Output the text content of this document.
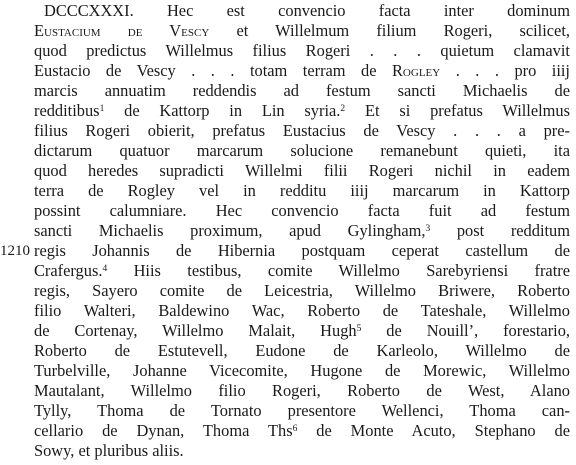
DCCCXXXI. Hec est convencio facta inter dominum
Eustacium de Vescy et Willelmum filium Rogeri, scilicet,
quod predictus Willelmus filius Rogeri . . . quietum clamavit
Eustacio de Vescy . . . totam terram de Rogley . . . pro iiij
marcis annuatim reddendis ad festum sancti Michaelis de
redditibus$^1$ de Kattorp in Lin syria.$^2$ Et si prefatus Willelmus
filius Rogeri obierit, prefatus Eustacius de Vescy . . . a pre-
dictarum quatuor marcarum solucione remanebunt quieti, ita
quod heredes supradicti Willelmi filii Rogeri nichil in eadem
terra de Rogley vel in redditu iiij marcarum in Kattorp
possint calumniare. Hec convencio facta fuit ad festum
sancti Michaelis proximum, apud Gylingham,$^3$ post redditum
1210 regis Johannis de Hibernia postquam ceperat castellum de
Crafergus.$^4$ Hiis testibus, comite Willelmo Sarebyriensi fratre
regis, Sayero comite de Leicestria, Willelmo Briwere, Roberto
filio Walteri, Baldewino Wac, Roberto de Tateshale, Willelmo
de Cortenay, Willelmo Malait, Hugh$^5$ de Nouill’, forestario,
Roberto de Estutevell, Eudone de Karleolo, Willelmo de
Turbelville, Johanne Vicecomite, Hugone de Morewic, Willelmo
Mautalant, Willelmo filio Rogeri, Roberto de West, Alano
Tylly, Thoma de Tornato presentore Wellenci, Thoma can-
cellario de Dynan, Thoma Ths$^6$ de Monte Acuto, Stephano de
Sowy, et pluribus aliis.
